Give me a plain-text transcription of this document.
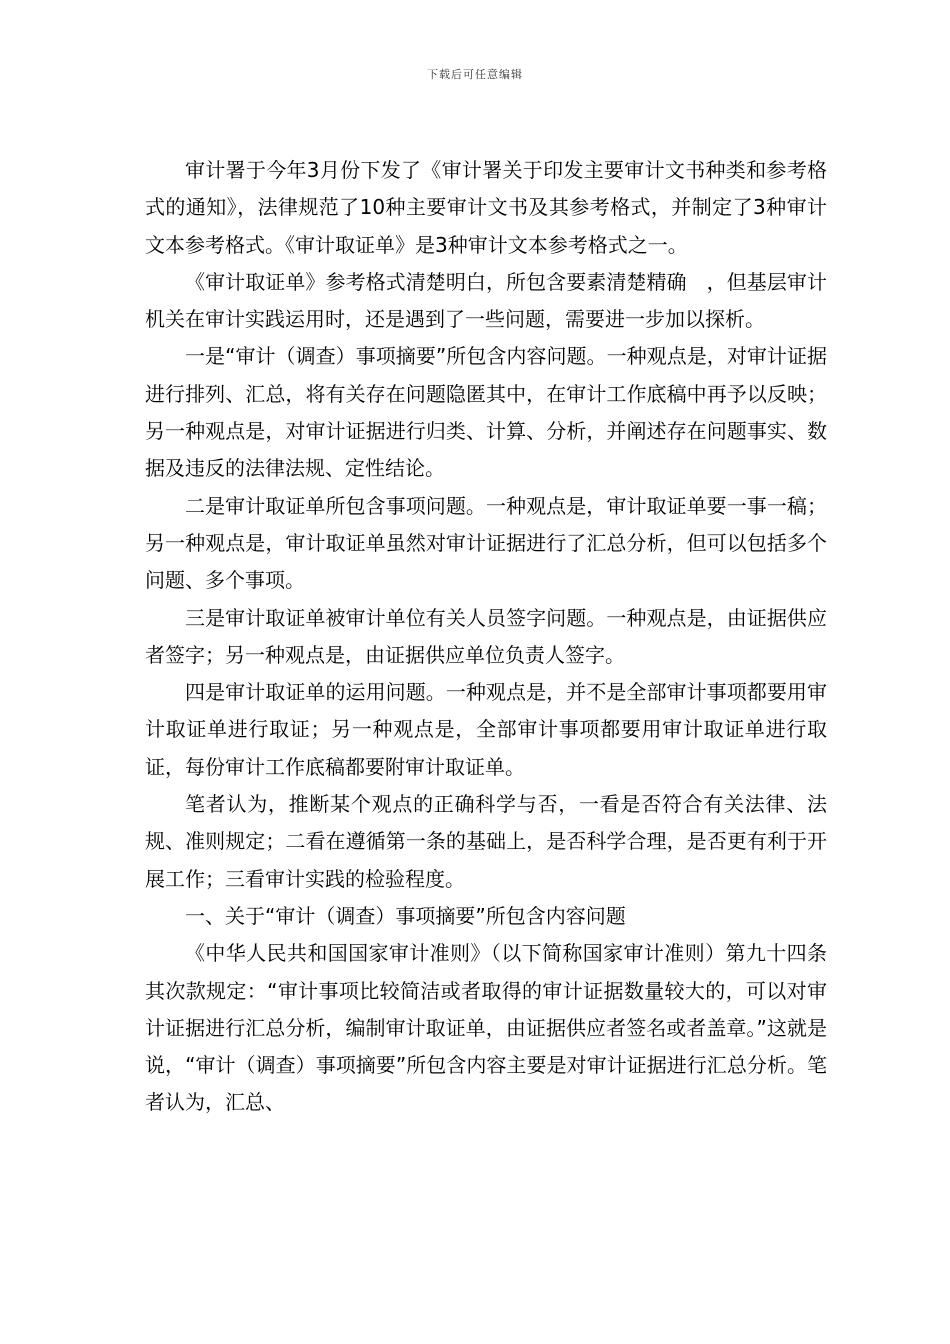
下载后可任意编辑

审计署于今年3月份下发了《审计署关于印发主要审计文书种类和参考格式的通知》，法律规范了10种主要审计文书及其参考格式，并制定了3种审计文本参考格式。《审计取证单》是3种审计文本参考格式之一。

《审计取证单》参考格式清楚明白，所包含要素清楚精确　，但基层审计机关在审计实践运用时，还是遇到了一些问题，需要进一步加以探析。

一是“审计（调查）事项摘要”所包含内容问题。一种观点是，对审计证据进行排列、汇总，将有关存在问题隐匿其中，在审计工作底稿中再予以反映；另一种观点是，对审计证据进行归类、计算、分析，并阐述存在问题事实、数据及违反的法律法规、定性结论。

二是审计取证单所包含事项问题。一种观点是，审计取证单要一事一稿；另一种观点是，审计取证单虽然对审计证据进行了汇总分析，但可以包括多个问题、多个事项。

三是审计取证单被审计单位有关人员签字问题。一种观点是，由证据供应者签字；另一种观点是，由证据供应单位负责人签字。

四是审计取证单的运用问题。一种观点是，并不是全部审计事项都要用审计取证单进行取证；另一种观点是，全部审计事项都要用审计取证单进行取证，每份审计工作底稿都要附审计取证单。

笔者认为，推断某个观点的正确科学与否，一看是否符合有关法律、法规、准则规定；二看在遵循第一条的基础上，是否科学合理，是否更有利于开展工作；三看审计实践的检验程度。

一、关于“审计（调查）事项摘要”所包含内容问题

《中华人民共和国国家审计准则》（以下简称国家审计准则）第九十四条其次款规定：“审计事项比较简洁或者取得的审计证据数量较大的，可以对审计证据进行汇总分析，编制审计取证单，由证据供应者签名或者盖章。”这就是说，“审计（调查）事项摘要”所包含内容主要是对审计证据进行汇总分析。笔者认为，汇总、
